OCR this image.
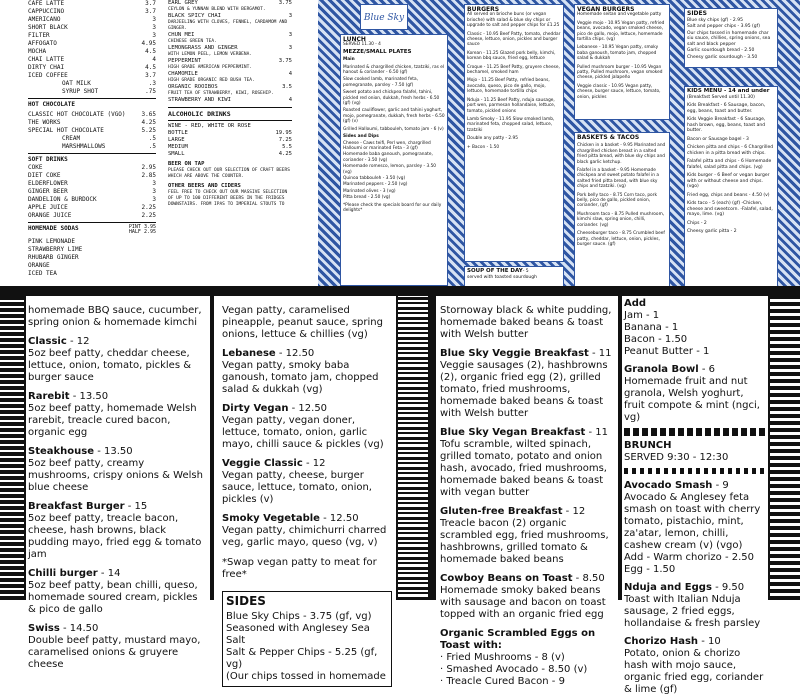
CAFE LATTE	3.7
CAPPUCCINO	3.7
AMERICANO	3
SHORT BLACK	3
FILTER	3
AFFOGATO	4.95
MOCHA	4.5
CHAI LATTE	4
DIRTY CHAI	4.5
ICED COFFEE	3.7
OAT MILK	.3
SYRUP SHOT	.75
HOT CHOCOLATE
CLASSIC HOT CHOCOLATE (VGO)	3.65
THE WORKS	4.25
SPECIAL HOT CHOCOLATE	5.25
CREAM	.5
MARSHMALLOWS	.5
SOFT DRINKS
COKE	2.95
DIET COKE	2.85
ELDERFLOWER	3
GINGER BEER	3
DANDELION & BURDOCK	3
APPLE JUICE	2.25
ORANGE JUICE	2.25
HOMEMADE SODAS	PINT 3.95
HALF 2.95
PINK LEMONADE
STRAWBERRY LIME
RHUBARB GINGER
ORANGE
ICED TEA
EARL GREY	3.75
CEYLON & YUNNAN BLEND WITH BERGAMOT.
BLACK SPICY CHAI	3
DARJEELING WITH CLOVES, FENNEL, CARDAMOM AND GINGER.
CHUN MEI	3
CHINESE GREEN TEA.
LEMONGRASS AND GINGER	3
WITH LEMON PEEL, LEMON VERBENA.
PEPPERMINT	3.75
HIGH GRADE AMERICAN PEPPERMINT.
CHAMOMILE	4
HIGH GRADE ORGANIC RED BUSH TEA.
ORGANIC ROOIBOS	3.5
FRUIT TEA OF STRAWBERRY, KIWI, ROSEHIP.
STRAWBERRY AND KIWI	4
ALCOHOLIC DRINKS
WINE - RED, WHITE OR ROSE
BOTTLE	19.95
LARGE	7.25
MEDIUM	5.5
SMALL	4.25
BEER ON TAP
PLEASE CHECK OUT OUR SELECTION OF CRAFT BEERS WHICH ARE ABOVE THE COUNTER.
OTHER BEERS AND CIDERS
FEEL FREE TO CHECK OUT OUR MASSIVE SELECTION OF UP TO 100 DIFFERENT BEERS IN THE FRIDGES DOWNSTAIRS. FROM IPAS TO IMPERIAL STOUTS TO
Blue Sky
LUNCH
SERVED 11.30 - 4
MEZZE/SMALL PLATES
Main
Marinated & chargrilled chicken, tzatziki, ras el hanout & coriander - 6.50 (gf)
Slow cooked lamb, marinated feta, pomegranate, parsley - 7.50 (gf)
Sweet potato and chickpea falafel, tahini, pickled red onion, dukkah, fresh herbs - 6.50 (gf) (vg)
Roasted cauliflower, garlic and tahini yoghurt, mojo, pomegranate, dukkah, fresh herbs - 6.50 (gf) (v)
Grilled Halloumi, tabbouleh, tomato jam - 6 (v)
Sides and Dips
Cheese - Caws teifi, Perl wen, chargrilled Halloumi or marinated Feta - 3 (gf)
Homemade baba ganoush, pomegranate, coriander - 3.50 (vg)
Homemade romesco, lemon, parsley - 3.50 (vg)
Quinoa tabbouleh - 3.50 (vg)
Marinated peppers - 2.50 (vg)
Marinated olives - 3 (vg)
Pitta bread - 2.50 (vg)
*Please check the specials board for our daily delights*
BURGERS
All served on brioche buns (or vegan brioche) with salad & blue sky chips or upgrade to salt and pepper chips for £1.25
Classic - 10.95 Beef Patty, tomato, cheddar cheese, lettuce, onion, pickles and burger sauce
Korean - 11.25 Glazed pork belly, kimchi, korean bbq sauce, fried egg, lettuce
Croque - 11.25 Beef Patty, gruyere cheese, bechamel, smoked ham
Mojo - 11.25 Beef Patty, refried beans, avocado, queso, pico de gallo, mojo, lettuce, homemade tortilla chips
Nduja - 11.25 Beef Patty, nduja sausage, port wen, parmesan hollandaise, lettuce, tomato, pickled onions
Lamb Smoky - 11.95 Slow smoked lamb, marinated feta, chopped salad, lettuce, tzatziki
Double any patty - 2.95
+ Bacon - 1.50
SOUP OF THE DAY- 5
served with toasted sourdough
VEGAN BURGERS
Homemade seitan and vegetable patty
Veggie mojo - 10.95 Vegan patty, refried beans, avocado, vegan smoked cheese, pico de gallo, mojo, lettuce, homemade tortilla chips. (vg)
Lebanese - 10.95 Vegan patty, smoky baba ganoush, tomato jam, chopped salad & dukkah
Pulled mushroom burger - 10.95 Vegan patty, Pulled mushroom, vegan smoked cheese, pickled jalapeño
Veggie classic - 10.95 Vegan patty, cheese, burger sauce, lettuce, tomato, onion, pickles
BASKETS & TACOS
Chicken in a basket - 9.95 Marinated and chargrilled chicken breast in a salted fried pitta bread, with blue sky chips and black garlic ketchup.
Falafel in a basket - 9.95 Homemade chickpea and sweet potato falafel in a salted fried pitta bread, with blue sky chips and tzatziki. (vg)
Pork belly taco - 8.75 Corn taco, pork belly, pico de gallo, pickled onion, coriander, (gf)
Mushroom taco - 8.75 Pulled mushroom, kimchi slaw, spring onion, chilli, coriander. (vg)
Cheeseburger taco - 8.75 Crumbled beef patty, cheddar, lettuce, onion, pickles, burger sauce. (gf)
SIDES
Blue sky chips (gf) - 2.95
Salt and pepper chips - 3.95 (gf)
Our chips tossed in homemade char siu sauce, chillies, spring onions, sea salt and black pepper
Garlic sourdough bread - 2.50
Cheesy garlic sourdough - 3.50
KIDS MENU - 14 and under
(Breakfast Served until 11.30)
Kids Breakfast - 6 Sausage, bacon, egg, beans, toast and butter.
Kids Veggie Breakfast - 6 Sausage, hash brown, egg, beans, toast and butter.
Bacon or Sausage bagel - 3
Chicken pitta and chips - 6 Chargrilled chicken in a pitta bread with chips.
Falafel pitta and chips - 6 Homemade falafel, salad pitta and chips. (vg)
Kids burger - 6 Beef or vegan burger with or without cheese and chips. (vgo)
Fried egg, chips and beans - 4.50 (v)
Kids taco - 5 (each) (gf) -Chicken, cheese and sweetcorn. -Falafel, salad, mayo, lime. (vg)
Chips - 2
Cheesy garlic pitta - 2
homemade BBQ sauce, cucumber, spring onion & homemade kimchi
Classic - 12
5oz beef patty, cheddar cheese, lettuce, onion, tomato, pickles & burger sauce
Rarebit - 13.50
5oz beef patty, homemade Welsh rarebit, treacle cured bacon, organic egg
Steakhouse - 13.50
5oz beef patty, creamy mushrooms, crispy onions & Welsh blue cheese
Breakfast Burger - 15
5oz beef patty, treacle bacon, cheese, hash browns, black pudding mayo, fried egg & tomato jam
Chilli burger - 14
5oz beef patty, bean chilli, queso, homemade soured cream, pickles & pico de gallo
Swiss - 14.50
Double beef patty, mustard mayo, caramelised onions & gruyere cheese
Vegan patty, caramelised pineapple, peanut sauce, spring onions, lettuce & chillies (vg)
Lebanese - 12.50
Vegan patty, smoky baba ganoush, tomato jam, chopped salad & dukkah (vg)
Dirty Vegan - 12.50
Vegan patty, vegan doner, lettuce, tomato, onion, garlic mayo, chilli sauce & pickles (vg)
Veggie Classic - 12
Vegan patty, cheese, burger sauce, lettuce, tomato, onion, pickles (v)
Smoky Vegetable - 12.50
Vegan patty, chimichurri charred veg, garlic mayo, queso (vg, v)
*Swap vegan patty to meat for free*
SIDES
Blue Sky Chips - 3.75 (gf, vg)
Seasoned with Anglesey Sea Salt
Salt & Pepper Chips - 5.25 (gf, vg)
(Our chips tossed in homemade
Stornoway black & white pudding, homemade baked beans & toast with Welsh butter
Blue Sky Veggie Breakfast - 11
Veggie sausages (2), hashbrowns (2), organic fried egg (2), grilled tomato, fried mushrooms, homemade baked beans & toast with Welsh butter
Blue Sky Vegan Breakfast - 11
Tofu scramble, wilted spinach, grilled tomato, potato and onion hash, avocado, fried mushrooms, homemade baked beans & toast with vegan butter
Gluten-free Breakfast - 12
Treacle bacon (2) organic scrambled egg, fried mushrooms, hashbrowns, grilled tomato & homemade baked beans
Cowboy Beans on Toast - 8.50
Homemade smoky baked beans with sausage and bacon on toast topped with an organic fried egg
Organic Scrambled Eggs on Toast with:
· Fried Mushrooms - 8 (v)
· Smashed Avocado - 8.50 (v)
· Treacle Cured Bacon - 9
Add
Jam - 1
Banana - 1
Bacon - 1.50
Peanut Butter - 1
Granola Bowl - 6
Homemade fruit and nut granola, Welsh yoghurt, fruit compote & mint (ngci, vg)
BRUNCH
SERVED 9:30 - 12:30
Avocado Smash - 9
Avocado & Anglesey feta smash on toast with cherry tomato, pistachio, mint, za'atar, lemon, chilli, cashew cream (v) (vgo)
Add - Warm chorizo - 2.50
Egg - 1.50
Nduja and Eggs - 9.50
Toast with Italian Nduja sausage, 2 fried eggs, hollandaise & fresh parsley
Chorizo Hash - 10
Potato, onion & chorizo hash with mojo sauce, organic fried egg, coriander & lime (gf)
